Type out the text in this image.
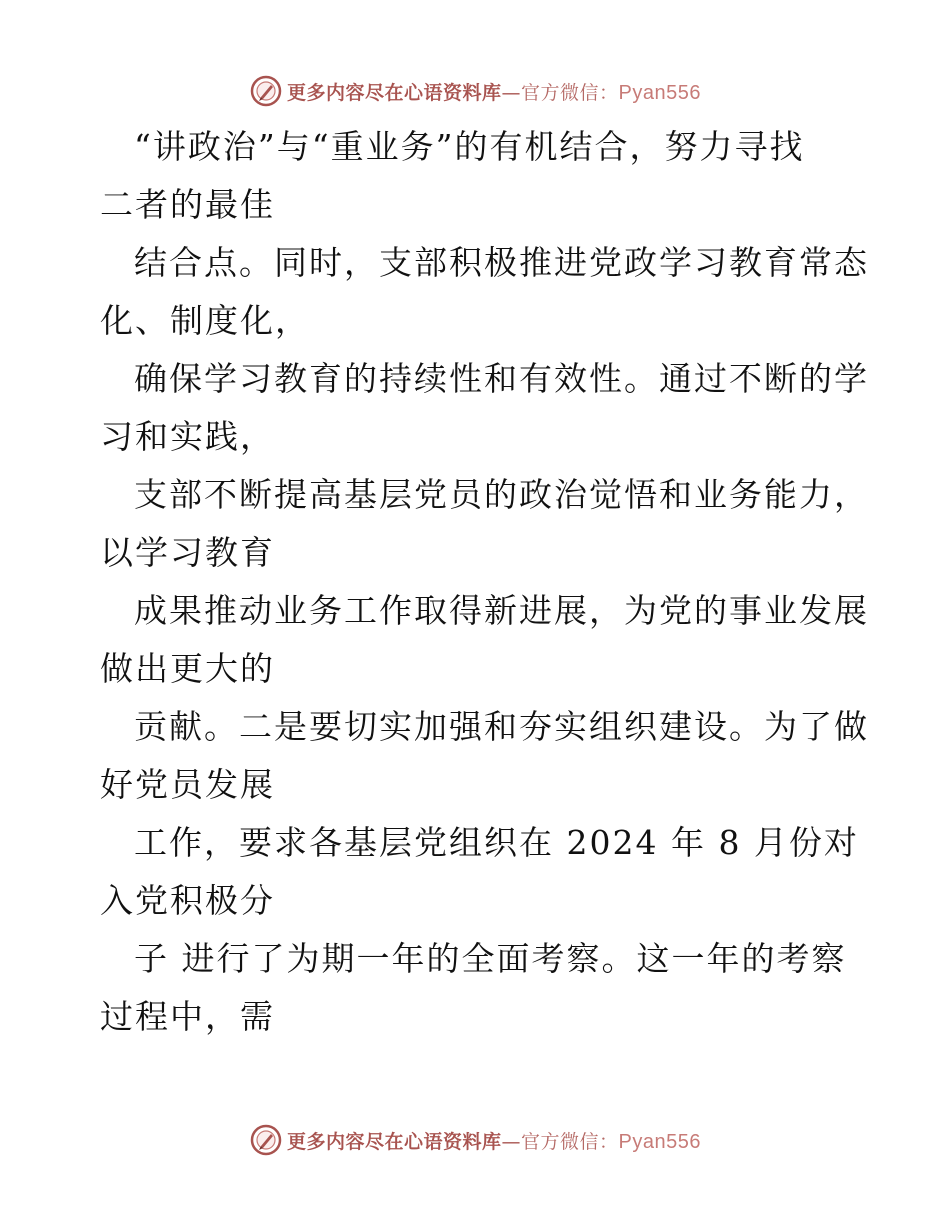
更多内容尽在心语资料库—官方微信：Pyan556
“讲政治”与“重业务”的有机结合，努力寻找
二者的最佳
结合点。同时，支部积极推进党政学习教育常态
化、制度化，
确保学习教育的持续性和有效性。通过不断的学
习和实践，
支部不断提高基层党员的政治觉悟和业务能力，
以学习教育
成果推动业务工作取得新进展，为党的事业发展
做出更大的
贡献。二是要切实加强和夯实组织建设。为了做
好党员发展
工作，要求各基层党组织在 2024 年 8 月份对
入党积极分
子 进行了为期一年的全面考察。这一年的考察
过程中，需
更多内容尽在心语资料库—官方微信：Pyan556
